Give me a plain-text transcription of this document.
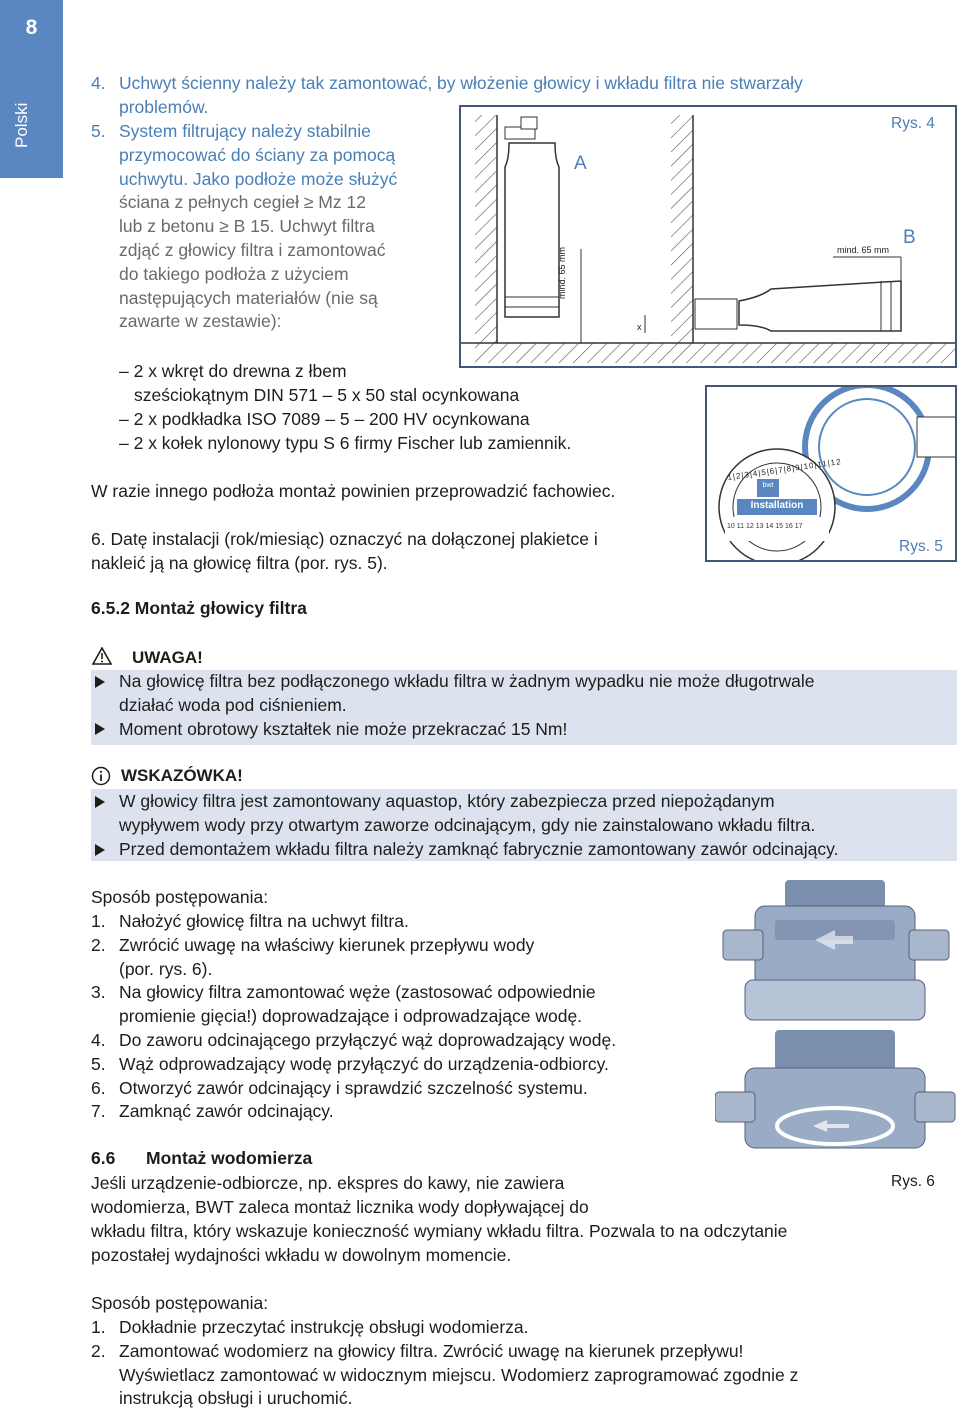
8
Polski
4. Uchwyt ścienny należy tak zamontować, by włożenie głowicy i wkładu filtra nie stwarzały
problemów.
5. System filtrujący należy stabilnie
przymocować do ściany za pomocą
uchwytu. Jako podłoże może służyć
ściana z pełnych cegieł ≥ Mz 12
lub z betonu ≥ B 15. Uchwyt filtra
zdjąć z głowicy filtra i zamontować
do takiego podłoża z użyciem
następujących materiałów (nie są
zawarte w zestawie):
A
B
Rys. 4
mind. 65 mm	mind. 65 mm
x
– 2 x wkręt do drewna z łbem
sześciokątnym DIN 571 – 5 x 50 stal ocynkowana
– 2 x podkładka ISO 7089 – 5 – 200 HV ocynkowana
– 2 x kołek nylonowy typu S 6 firmy Fischer lub zamiennik.
W razie innego podłoża montaż powinien przeprowadzić fachowiec.
6. Datę instalacji (rok/miesiąc) oznaczyć na dołączonej plakietce i
nakleić ją na głowicę filtra (por. rys. 5).
bwt
Installation
1|2|3|4|5|6|7|8|9|10|11|12
10 11 12 13 14 15 16 17
Rys. 5
6.5.2 Montaż głowicy filtra
UWAGA!
Na głowicę filtra bez podłączonego wkładu filtra w żadnym wypadku nie może długotrwale
działać woda pod ciśnieniem.
Moment obrotowy kształtek nie może przekraczać 15 Nm!
WSKAZÓWKA!
W głowicy filtra jest zamontowany aquastop, który zabezpiecza przed niepożądanym
wypływem wody przy otwartym zaworze odcinającym, gdy nie zainstalowano wkładu filtra.
Przed demontażem wkładu filtra należy zamknąć fabrycznie zamontowany zawór odcinający.
Sposób postępowania:
1. Nałożyć głowicę filtra na uchwyt filtra.
2. Zwrócić uwagę na właściwy kierunek przepływu wody
(por. rys. 6).
3. Na głowicy filtra zamontować węże (zastosować odpowiednie
promienie gięcia!) doprowadzające i odprowadzające wodę.
4. Do zaworu odcinającego przyłączyć wąż doprowadzający wodę.
5. Wąż odprowadzający wodę przyłączyć do urządzenia-odbiorcy.
6. Otworzyć zawór odcinający i sprawdzić szczelność systemu.
7. Zamknąć zawór odcinający.
6.6 Montaż wodomierza
Rys. 6
Jeśli urządzenie-odbiorcze, np. ekspres do kawy, nie zawiera
wodomierza, BWT zaleca montaż licznika wody dopływającej do
wkładu filtra, który wskazuje konieczność wymiany wkładu filtra. Pozwala to na odczytanie
pozostałej wydajności wkładu w dowolnym momencie.
Sposób postępowania:
1. Dokładnie przeczytać instrukcję obsługi wodomierza.
2. Zamontować wodomierz na głowicy filtra. Zwrócić uwagę na kierunek przepływu!
Wyświetlacz zamontować w widocznym miejscu. Wodomierz zaprogramować zgodnie z
instrukcją obsługi i uruchomić.
